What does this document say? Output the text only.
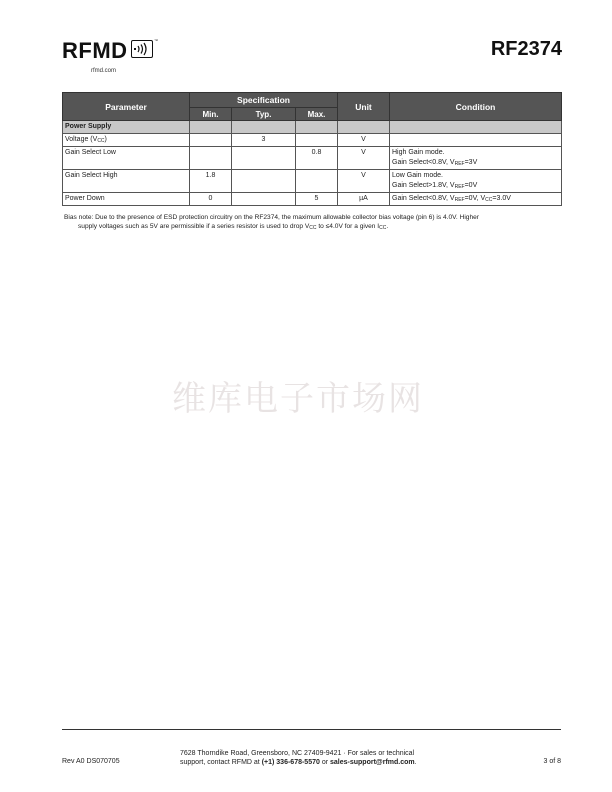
RFMD	™
rfmd.com
RF2374
Parameter	Specification			Unit	Condition
	Min.	Typ.	Max.		
Power Supply					
Voltage $(V_{CC})$		3		V	
Gain Select Low			0.8	V	High Gain mode.
Gain Select<0.8V, $V_{REF}=3V$
Gain Select High	1.8			V	Low Gain mode.
Gain Select>1.8V, $V_{REF}=0V$
Power Down	0		5	µA	Gain Select<0.8V, $V_{REF}=0V$, $V_{CC}=3.0V$
Bias note: Due to the presence of ESD protection circuitry on the RF2374, the maximum allowable collector bias voltage (pin 6) is 4.0V. Higher
supply voltages such as 5V are permissible if a series resistor is used to drop $V_{CC}$ to ≤4.0V for a given $I_{CC}$.
维库电子市场网
Rev A0 DS070705
7628 Thorndike Road, Greensboro, NC 27409-9421 · For sales or technical
support, contact RFMD at (+1) 336-678-5570 or sales-support@rfmd.com.	3 of 8
